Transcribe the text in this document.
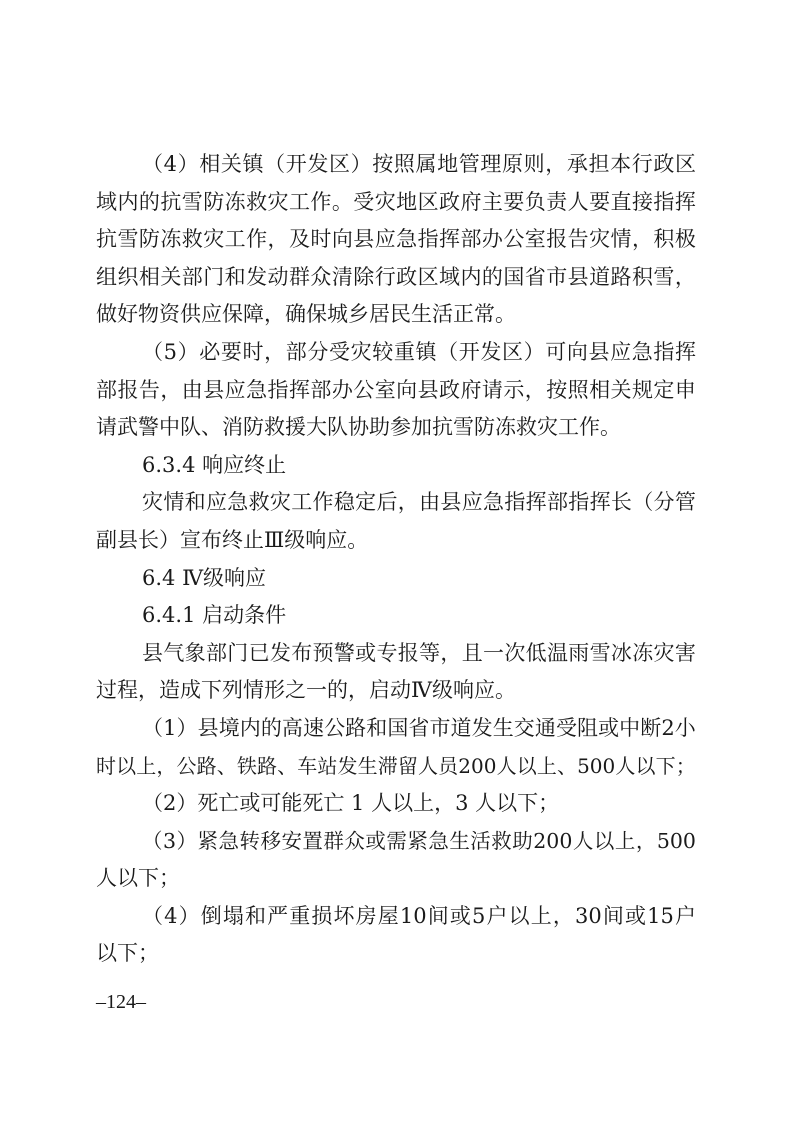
（ 4 ） 相 关 镇 （ 开 发 区 ） 按 照 属 地 管 理 原 则 ， 承 担 本 行 政 区
域 内 的 抗 雪 防 冻 救 灾 工 作 。 受 灾 地 区 政 府 主 要 负 责 人 要 直 接 指 挥
抗 雪 防 冻 救 灾 工 作 ， 及 时 向 县 应 急 指 挥 部 办 公 室 报 告 灾 情 ， 积 极
组 织 相 关 部 门 和 发 动 群 众 清 除 行 政 区 域 内 的 国 省 市 县 道 路 积 雪 ，
做好物资供应保障，确保城乡居民生活正常。
（ 5 ） 必 要 时 ， 部 分 受 灾 较 重 镇 （ 开 发 区 ） 可 向 县 应 急 指 挥
部 报 告 ， 由 县 应 急 指 挥 部 办 公 室 向 县 政 府 请 示 ， 按 照 相 关 规 定 申
请武警中队、消防救援大队协助参加抗雪防冻救灾工作。
6.3.4 响应终止
灾 情 和 应 急 救 灾 工 作 稳 定 后 ， 由 县 应 急 指 挥 部 指 挥 长 （ 分 管
副县长）宣布终止Ⅲ级响应。
6.4 Ⅳ级响应
6.4.1 启动条件
县 气 象 部 门 已 发 布 预 警 或 专 报 等 ， 且 一 次 低 温 雨 雪 冰 冻 灾 害
过程，造成下列情形之一的，启动Ⅳ级响应。
（ 1 ） 县 境 内 的 高 速 公 路 和 国 省 市 道 发 生 交 通 受 阻 或 中 断 2 小
时 以 上 ， 公 路 、 铁 路 、 车 站 发 生 滞 留 人 员 200 人 以 上 、 500 人 以 下 ；
（2）死亡或可能死亡 1 人以上，3 人以下；
（ 3 ） 紧 急 转 移 安 置 群 众 或 需 紧 急 生 活 救 助 200 人 以 上 ， 500
人以下；
（ 4 ） 倒 塌 和 严 重 损 坏 房 屋 10 间 或 5 户 以 上 ， 30 间 或 15 户
以下；
–124–
